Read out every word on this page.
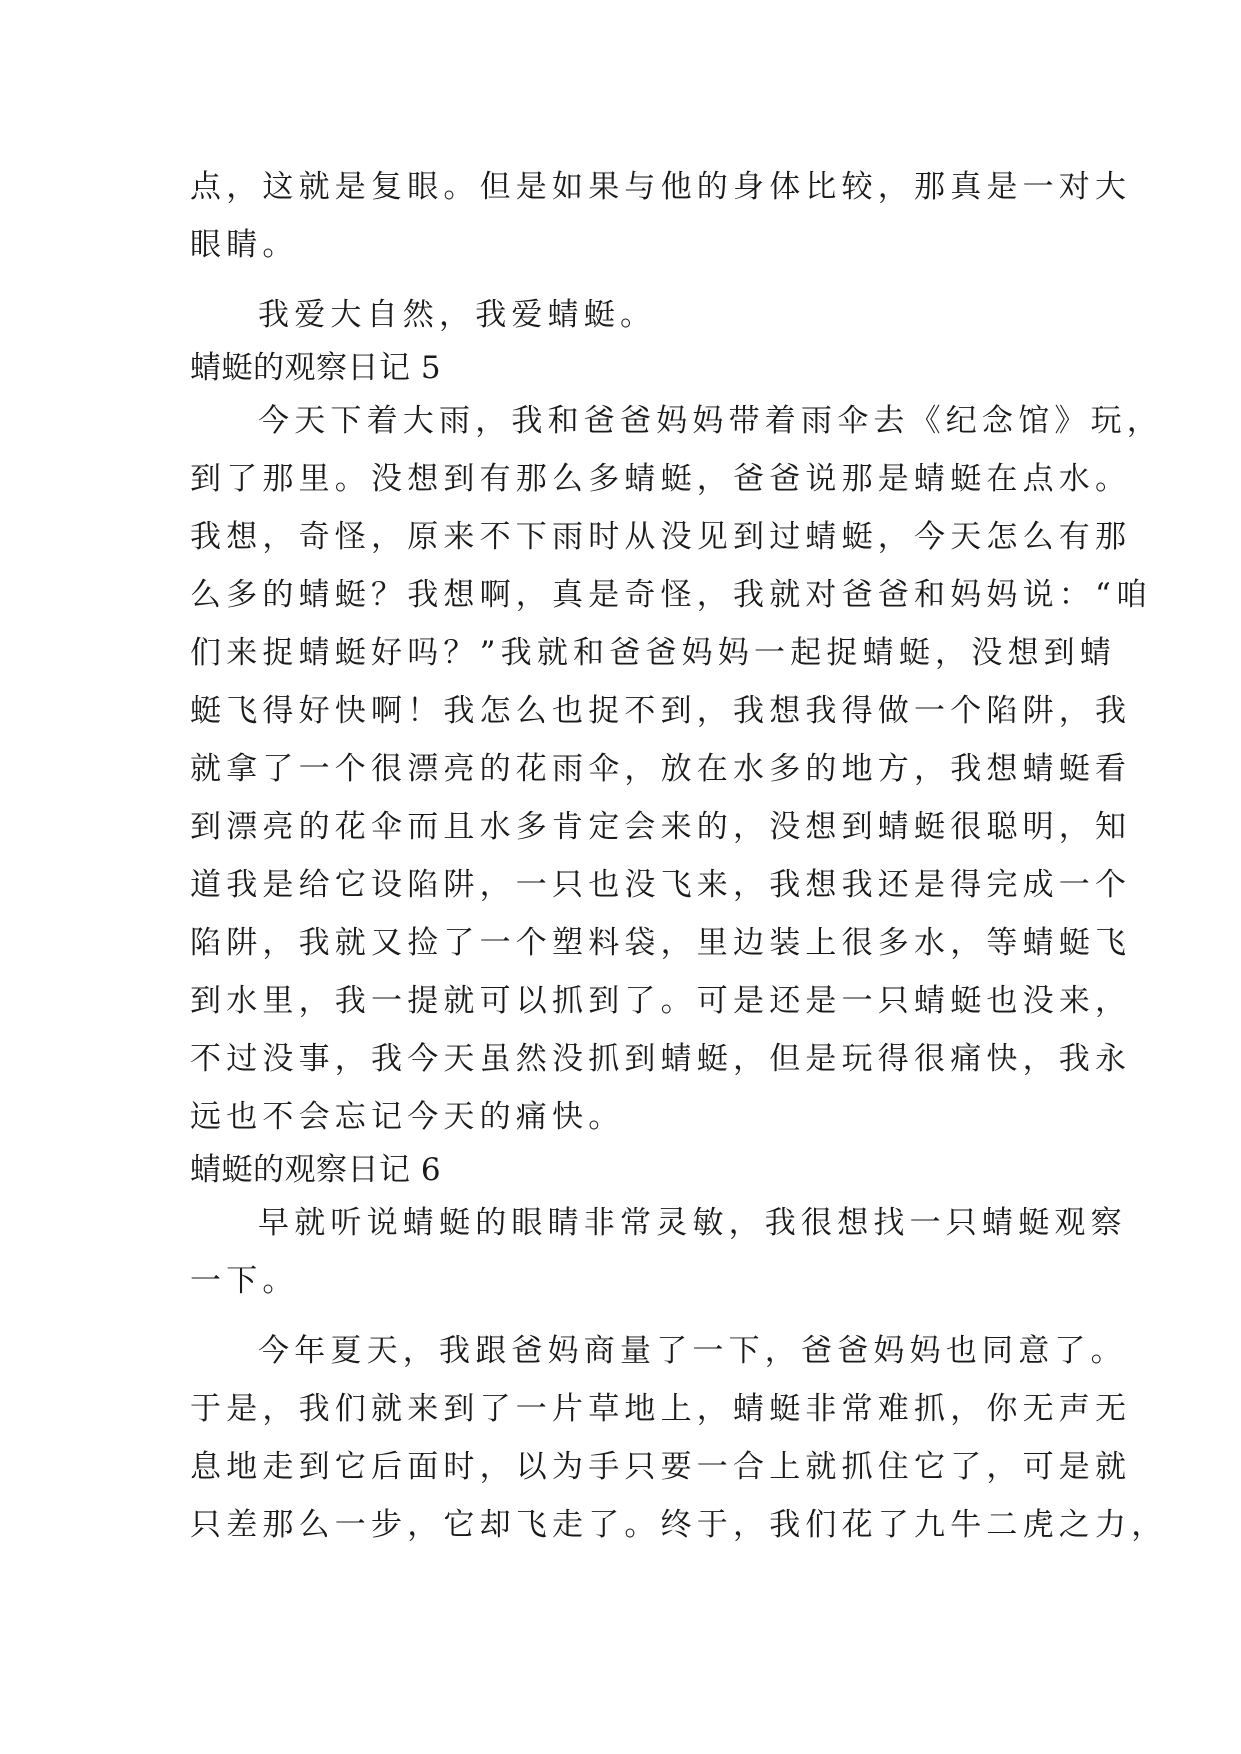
点，这就是复眼。但是如果与他的身体比较，那真是一对大
眼睛。
我爱大自然，我爱蜻蜓。
蜻蜓的观察日记 5
今天下着大雨，我和爸爸妈妈带着雨伞去《纪念馆》玩，
到了那里。没想到有那么多蜻蜓，爸爸说那是蜻蜓在点水。
我想，奇怪，原来不下雨时从没见到过蜻蜓，今天怎么有那
么多的蜻蜓？我想啊，真是奇怪，我就对爸爸和妈妈说：“咱
们来捉蜻蜓好吗？”我就和爸爸妈妈一起捉蜻蜓，没想到蜻
蜓飞得好快啊！我怎么也捉不到，我想我得做一个陷阱，我
就拿了一个很漂亮的花雨伞，放在水多的地方，我想蜻蜓看
到漂亮的花伞而且水多肯定会来的，没想到蜻蜓很聪明，知
道我是给它设陷阱，一只也没飞来，我想我还是得完成一个
陷阱，我就又捡了一个塑料袋，里边装上很多水，等蜻蜓飞
到水里，我一提就可以抓到了。可是还是一只蜻蜓也没来，
不过没事，我今天虽然没抓到蜻蜓，但是玩得很痛快，我永
远也不会忘记今天的痛快。
蜻蜓的观察日记 6
早就听说蜻蜓的眼睛非常灵敏，我很想找一只蜻蜓观察
一下。
今年夏天，我跟爸妈商量了一下，爸爸妈妈也同意了。
于是，我们就来到了一片草地上，蜻蜓非常难抓，你无声无
息地走到它后面时，以为手只要一合上就抓住它了，可是就
只差那么一步，它却飞走了。终于，我们花了九牛二虎之力，
